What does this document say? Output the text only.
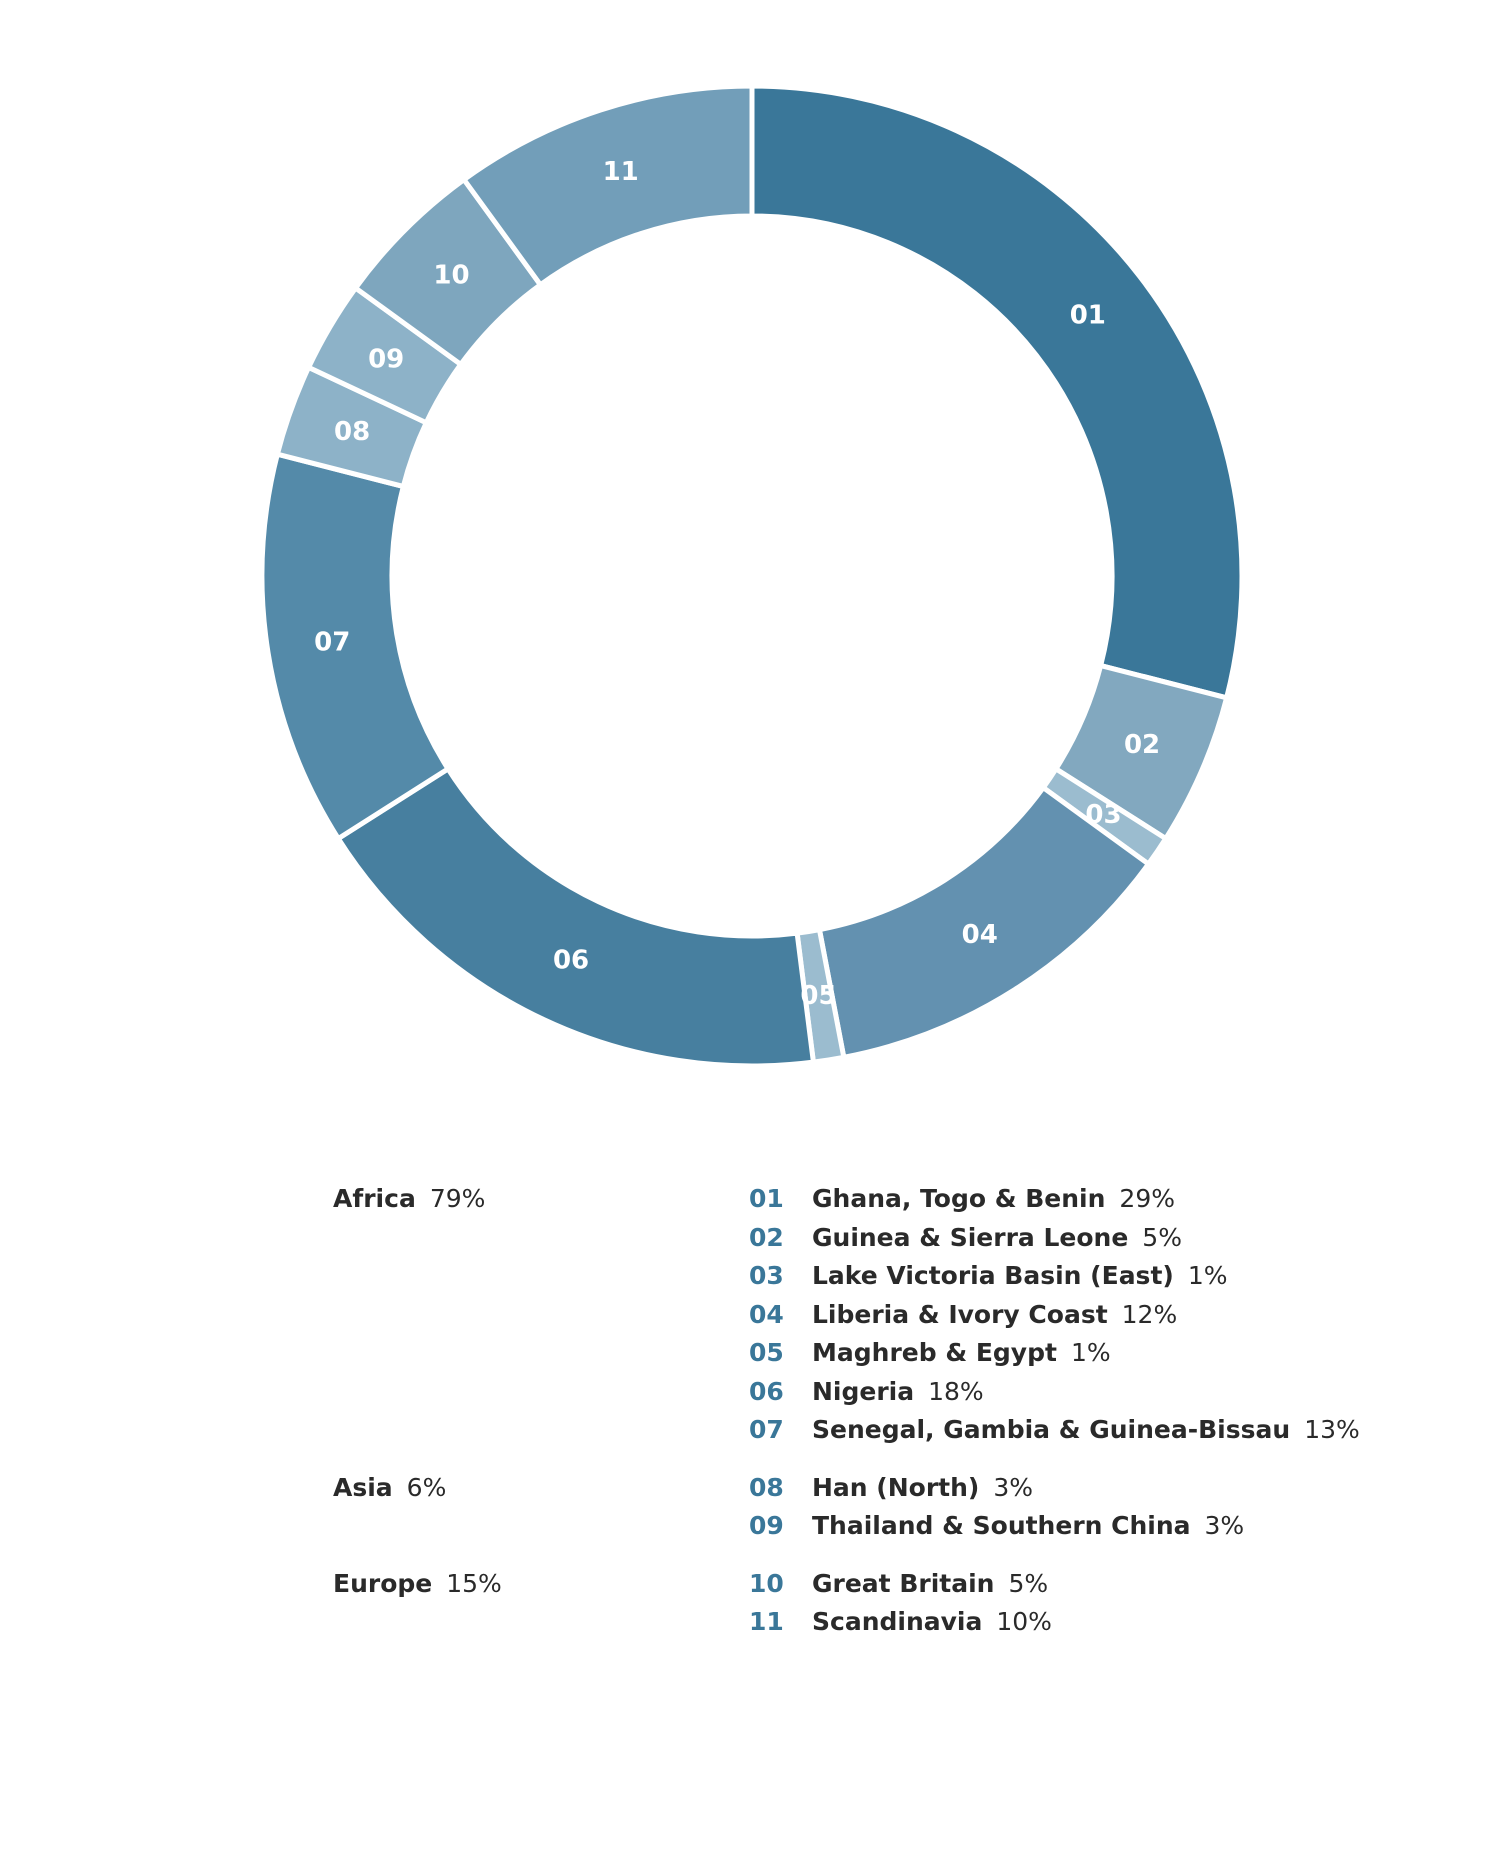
01
02
03
04
05
06
07
08
09
10
11
Africa 79%	01 Ghana, Togo & Benin 29%
02 Guinea & Sierra Leone 5%
03 Lake Victoria Basin (East) 1%
04 Liberia & Ivory Coast 12%
05 Maghreb & Egypt 1%
06 Nigeria 18%
07 Senegal, Gambia & Guinea-Bissau 13%
Asia 6%	08 Han (North) 3%
09 Thailand & Southern China 3%
Europe 15%	10 Great Britain 5%
11 Scandinavia 10%
